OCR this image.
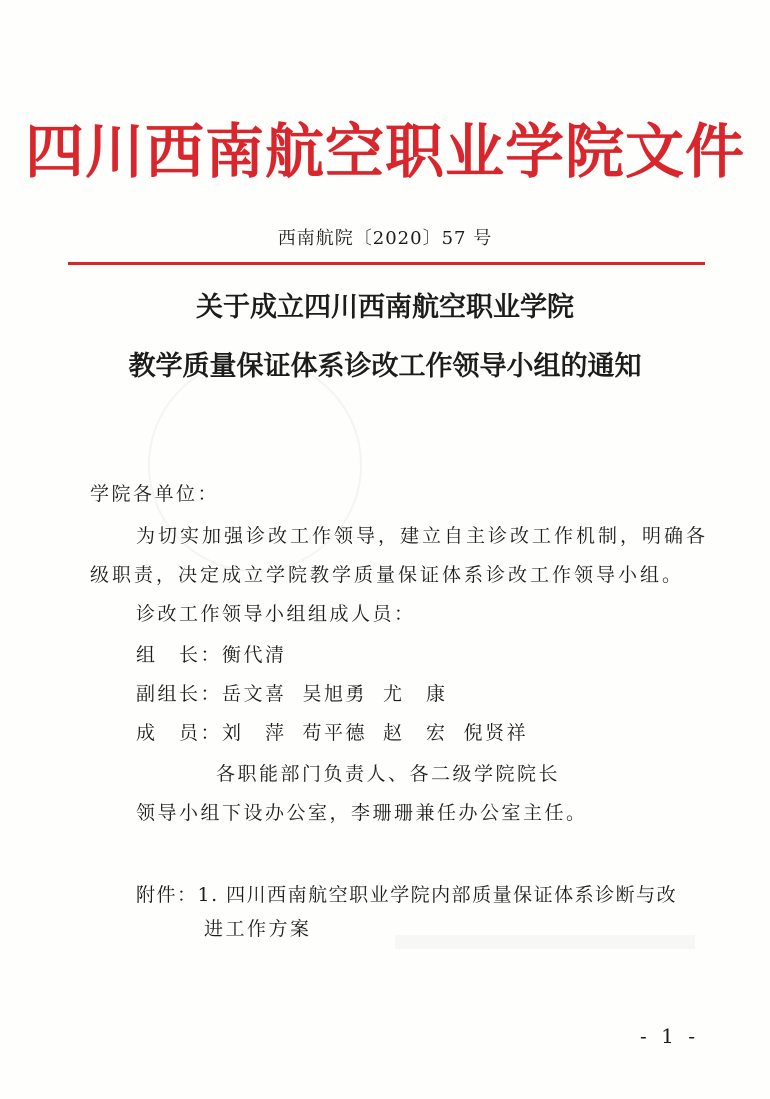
四川西南航空职业学院文件
西南航院〔2020〕57 号
关于成立四川西南航空职业学院
教学质量保证体系诊改工作领导小组的通知
学院各单位：
为切实加强诊改工作领导，建立自主诊改工作机制，明确各
级职责，决定成立学院教学质量保证体系诊改工作领导小组。
诊改工作领导小组组成人员：
组　长：衡代清
副组长：岳文喜 吴旭勇 尤　康
成　员：刘　萍 苟平德 赵　宏 倪贤祥
各职能部门负责人、各二级学院院长
领导小组下设办公室，李珊珊兼任办公室主任。
附件：1. 四川西南航空职业学院内部质量保证体系诊断与改
进工作方案
- 1 -
